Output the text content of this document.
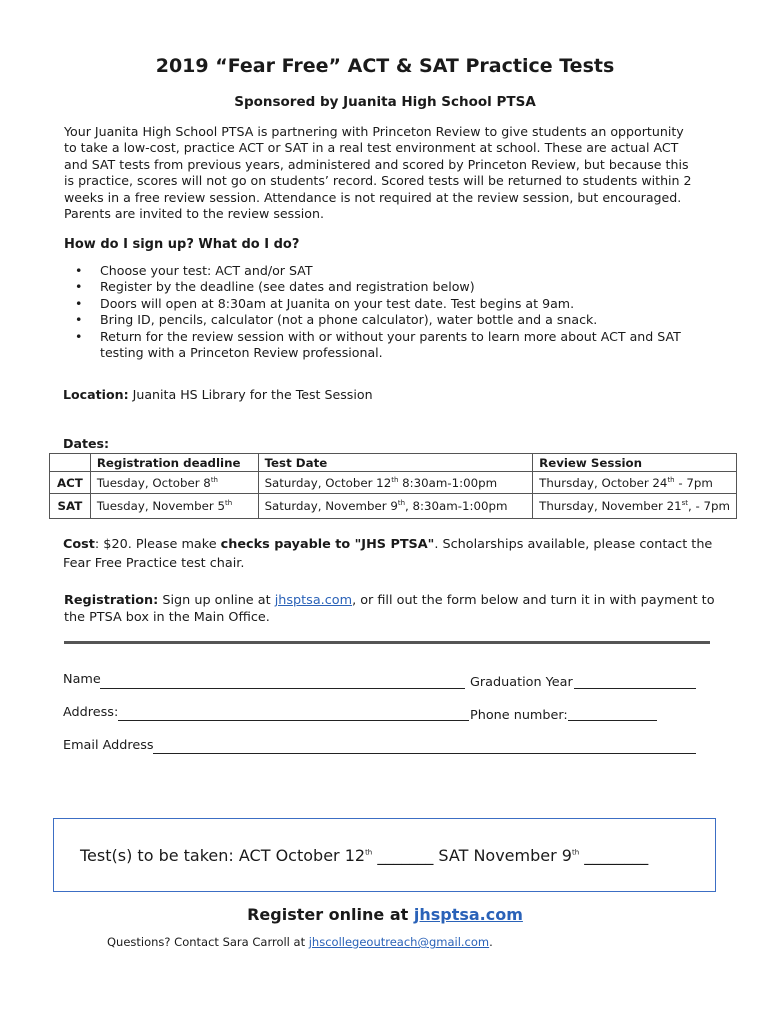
2019 “Fear Free” ACT & SAT Practice Tests
Sponsored by Juanita High School PTSA
Your Juanita High School PTSA is partnering with Princeton Review to give students an opportunity
to take a low-cost, practice ACT or SAT in a real test environment at school. These are actual ACT
and SAT tests from previous years, administered and scored by Princeton Review, but because this
is practice, scores will not go on students’ record. Scored tests will be returned to students within 2
weeks in a free review session. Attendance is not required at the review session, but encouraged.
Parents are invited to the review session.
How do I sign up? What do I do?
• Choose your test: ACT and/or SAT
• Register by the deadline (see dates and registration below)
• Doors will open at 8:30am at Juanita on your test date. Test begins at 9am.
• Bring ID, pencils, calculator (not a phone calculator), water bottle and a snack.
• Return for the review session with or without your parents to learn more about ACT and SAT
testing with a Princeton Review professional.
Location: Juanita HS Library for the Test Session
Dates:
	Registration deadline	Test Date	Review Session
ACT	Tuesday, October 8th	Saturday, October 12th 8:30am-1:00pm	Thursday, October 24th - 7pm
SAT	Tuesday, November 5th	Saturday, November 9th, 8:30am-1:00pm	Thursday, November 21st, - 7pm
Cost: $20. Please make checks payable to "JHS PTSA". Scholarships available, please contact the
Fear Free Practice test chair.
Registration: Sign up online at jhsptsa.com, or fill out the form below and turn it in with payment to
the PTSA box in the Main Office.
Name	Graduation Year
Address:	Phone number:
Email Address
Test(s) to be taken: ACT October 12th _______ SAT November 9th ________
Register online at jhsptsa.com
Questions? Contact Sara Carroll at jhscollegeoutreach@gmail.com.
